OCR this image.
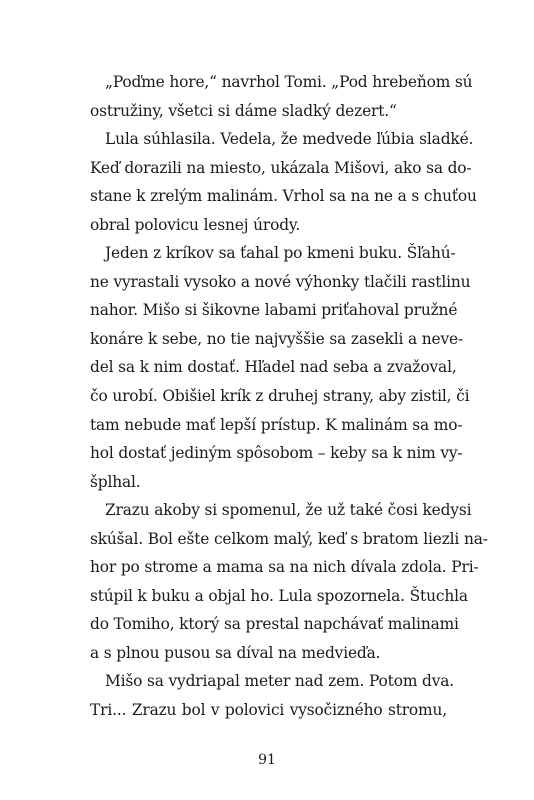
„Poďme hore,“ navrhol Tomi. „Pod hrebeňom sú
ostružiny, všetci si dáme sladký dezert.“
Lula súhlasila. Vedela, že medvede ľúbia sladké.
Keď dorazili na miesto, ukázala Mišovi, ako sa do-
stane k zrelým malinám. Vrhol sa na ne a s chuťou
obral polovicu lesnej úrody.
Jeden z kríkov sa ťahal po kmeni buku. Šľahú-
ne vyrastali vysoko a nové výhonky tlačili rastlinu
nahor. Mišo si šikovne labami priťahoval pružné
konáre k sebe, no tie najvyššie sa zasekli a neve-
del sa k nim dostať. Hľadel nad seba a zvažoval,
čo urobí. Obišiel krík z druhej strany, aby zistil, či
tam nebude mať lepší prístup. K malinám sa mo-
hol dostať jediným spôsobom – keby sa k nim vy-
šplhal.
Zrazu akoby si spomenul, že už také čosi kedysi
skúšal. Bol ešte celkom malý, keď s bratom liezli na-
hor po strome a mama sa na nich dívala zdola. Pri-
stúpil k buku a objal ho. Lula spozornela. Štuchla
do Tomiho, ktorý sa prestal napchávať malinami
a s plnou pusou sa díval na medvieďa.
Mišo sa vydriapal meter nad zem. Potom dva.
Tri... Zrazu bol v polovici vysočizného stromu,
91
